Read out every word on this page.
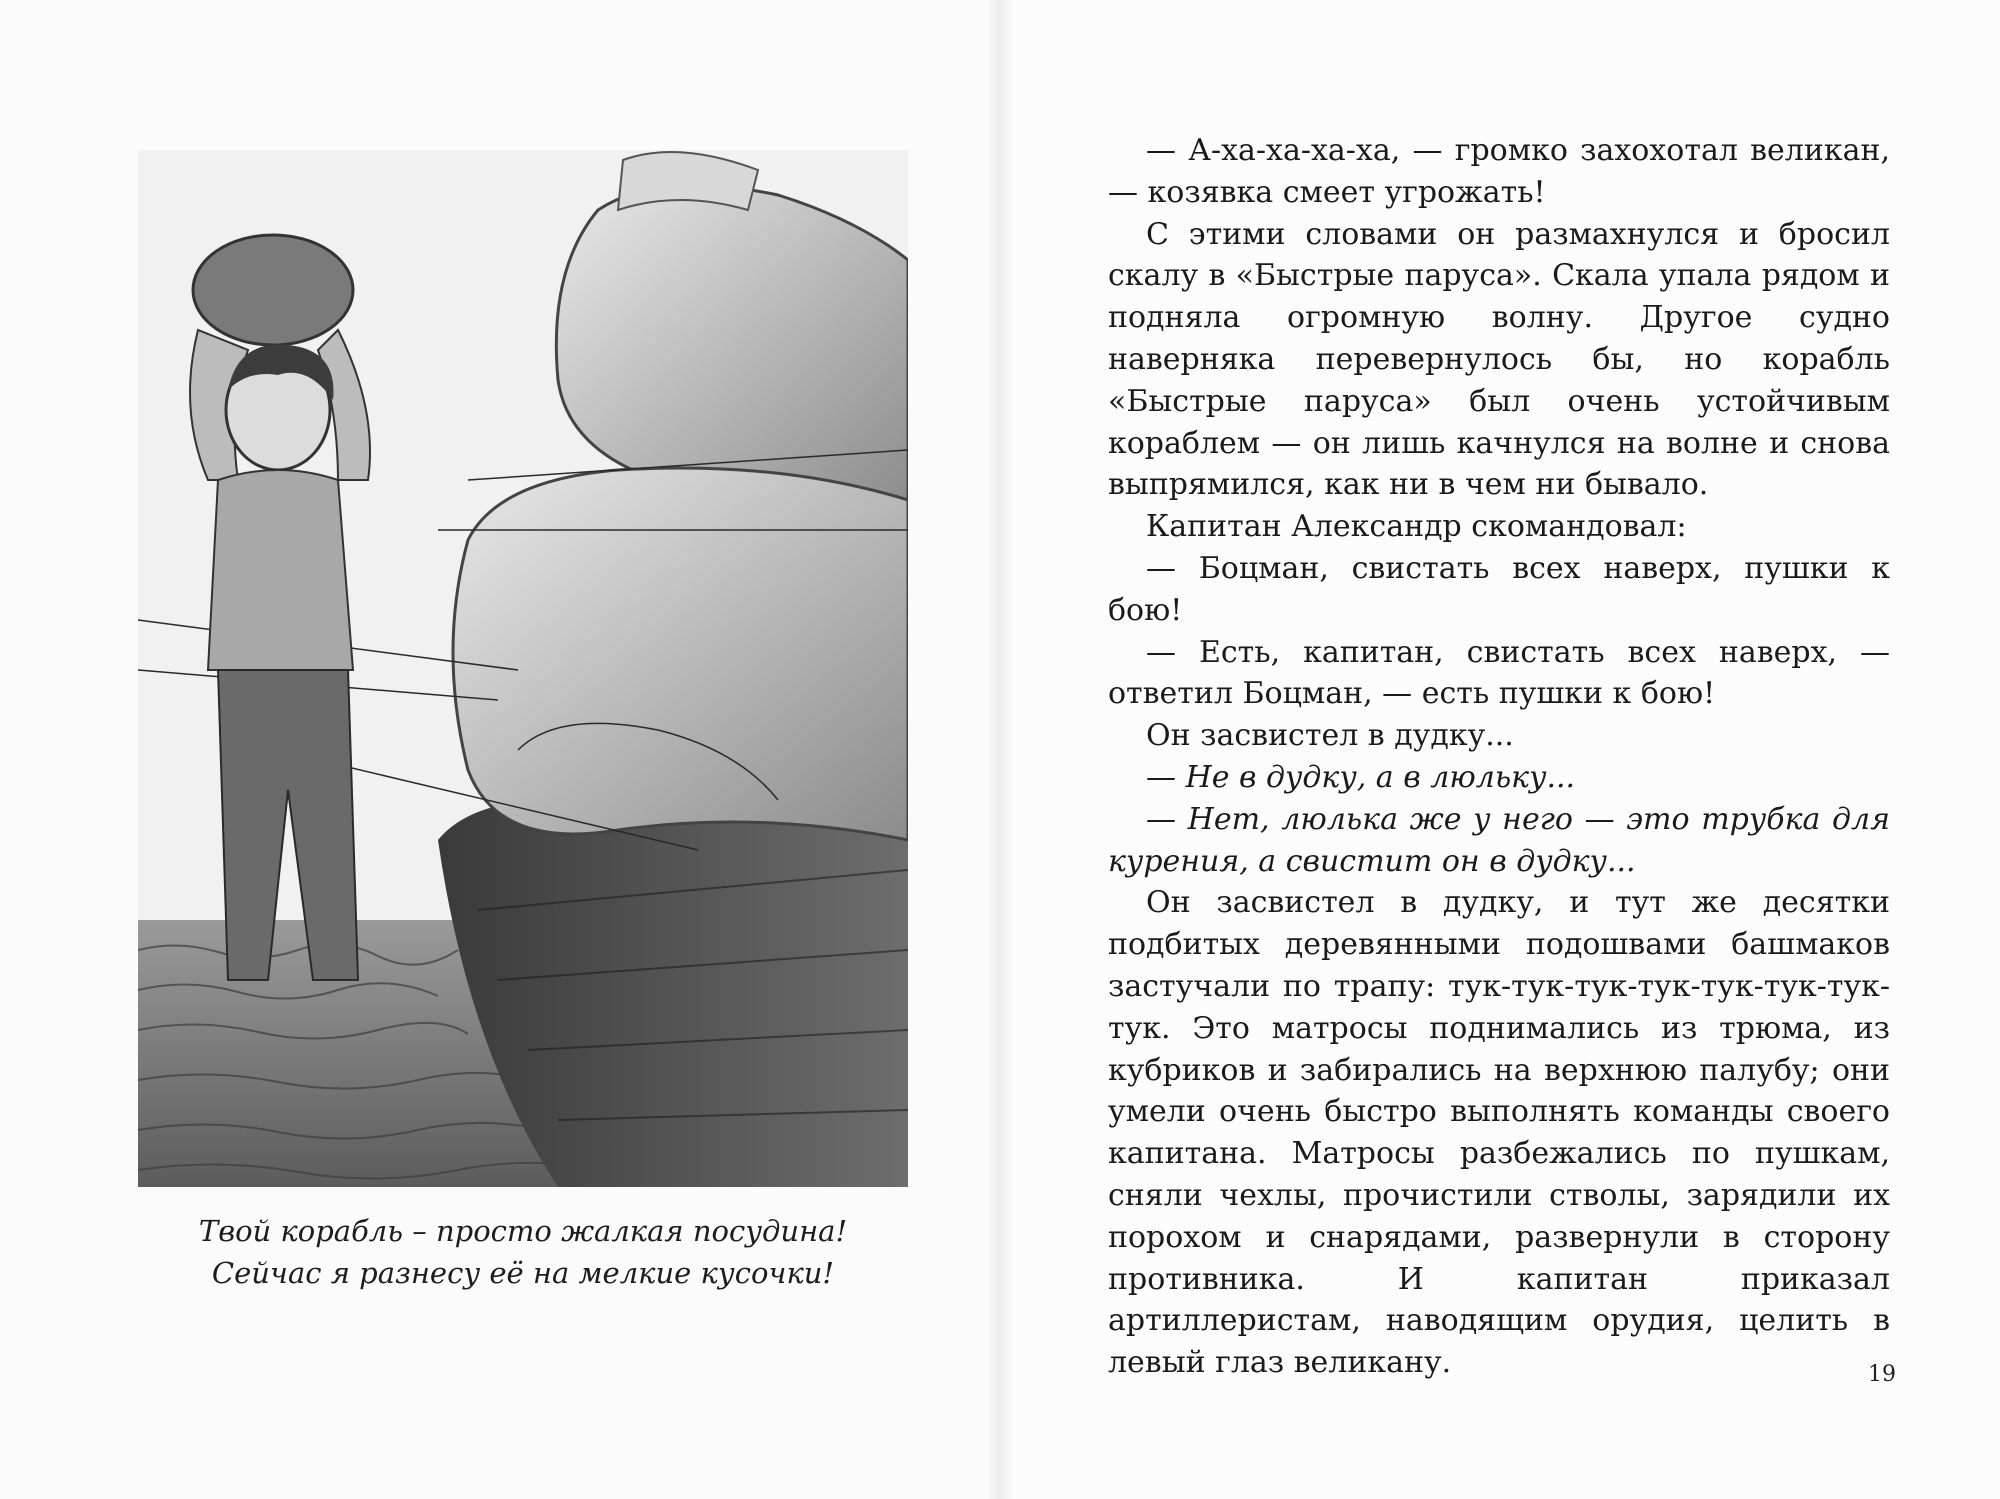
Твой корабль – просто жалкая посудина!

Сейчас я разнесу её на мелкие кусочки!

— А-ха-ха-ха-ха, — громко захохотал великан, — козявка смеет угрожать!

С этими словами он размахнулся и бросил скалу в «Быстрые паруса». Скала упала рядом и подняла огромную волну. Другое судно наверняка перевернулось бы, но корабль «Быстрые паруса» был очень устойчивым кораблем — он лишь качнулся на волне и снова выпрямился, как ни в чем ни бывало.

Капитан Александр скомандовал:

— Боцман, свистать всех наверх, пушки к бою!

— Есть, капитан, свистать всех наверх, — ответил Боцман, — есть пушки к бою!

Он засвистел в дудку...

— Не в дудку, а в люльку...

— Нет, люлька же у него — это трубка для курения, а свистит он в дудку...

Он засвистел в дудку, и тут же десятки подбитых деревянными подошвами башмаков застучали по трапу: тук-тук-тук-тук-тук-тук-тук-тук. Это матросы поднимались из трюма, из кубриков и забирались на верхнюю палубу; они умели очень быстро выполнять команды своего капитана. Матросы разбежались по пушкам, сняли чехлы, прочистили стволы, зарядили их порохом и снарядами, развернули в сторону противника. И капитан приказал артиллеристам, наводящим орудия, целить в левый глаз великану.	19
